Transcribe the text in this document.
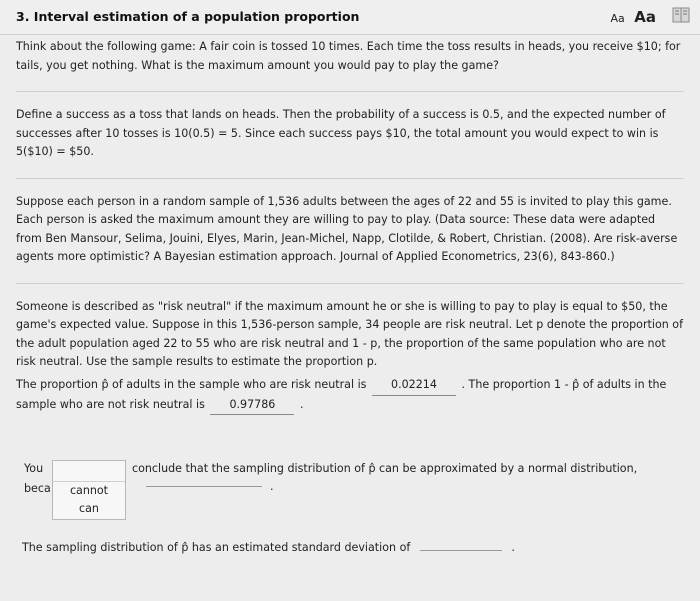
3. Interval estimation of a population proportion	Aa Aa

Think about the following game: A fair coin is tossed 10 times. Each time the toss results in heads, you receive $10; for tails, you get nothing. What is the maximum amount you would pay to play the game?

Define a success as a toss that lands on heads. Then the probability of a success is 0.5, and the expected number of successes after 10 tosses is 10(0.5) = 5. Since each success pays $10, the total amount you would expect to win is 5($10) = $50.

Suppose each person in a random sample of 1,536 adults between the ages of 22 and 55 is invited to play this game. Each person is asked the maximum amount they are willing to pay to play. (Data source: These data were adapted from Ben Mansour, Selima, Jouini, Elyes, Marin, Jean-Michel, Napp, Clotilde, & Robert, Christian. (2008). Are risk-averse agents more optimistic? A Bayesian estimation approach. Journal of Applied Econometrics, 23(6), 843-860.)

Someone is described as "risk neutral" if the maximum amount he or she is willing to pay to play is equal to $50, the game's expected value. Suppose in this 1,536-person sample, 34 people are risk neutral. Let p denote the proportion of the adult population aged 22 to 55 who are risk neutral and 1 - p, the proportion of the same population who are not risk neutral. Use the sample results to estimate the proportion p.

The proportion p̂ of adults in the sample who are risk neutral is 0.02214 . The proportion 1 - p̂ of adults in the sample who are not risk neutral is 0.97786 .
You
beca	cannot
can
conclude that the sampling distribution of p̂ can be approximated by a normal distribution,
.
The sampling distribution of p̂ has an estimated standard deviation of	.
